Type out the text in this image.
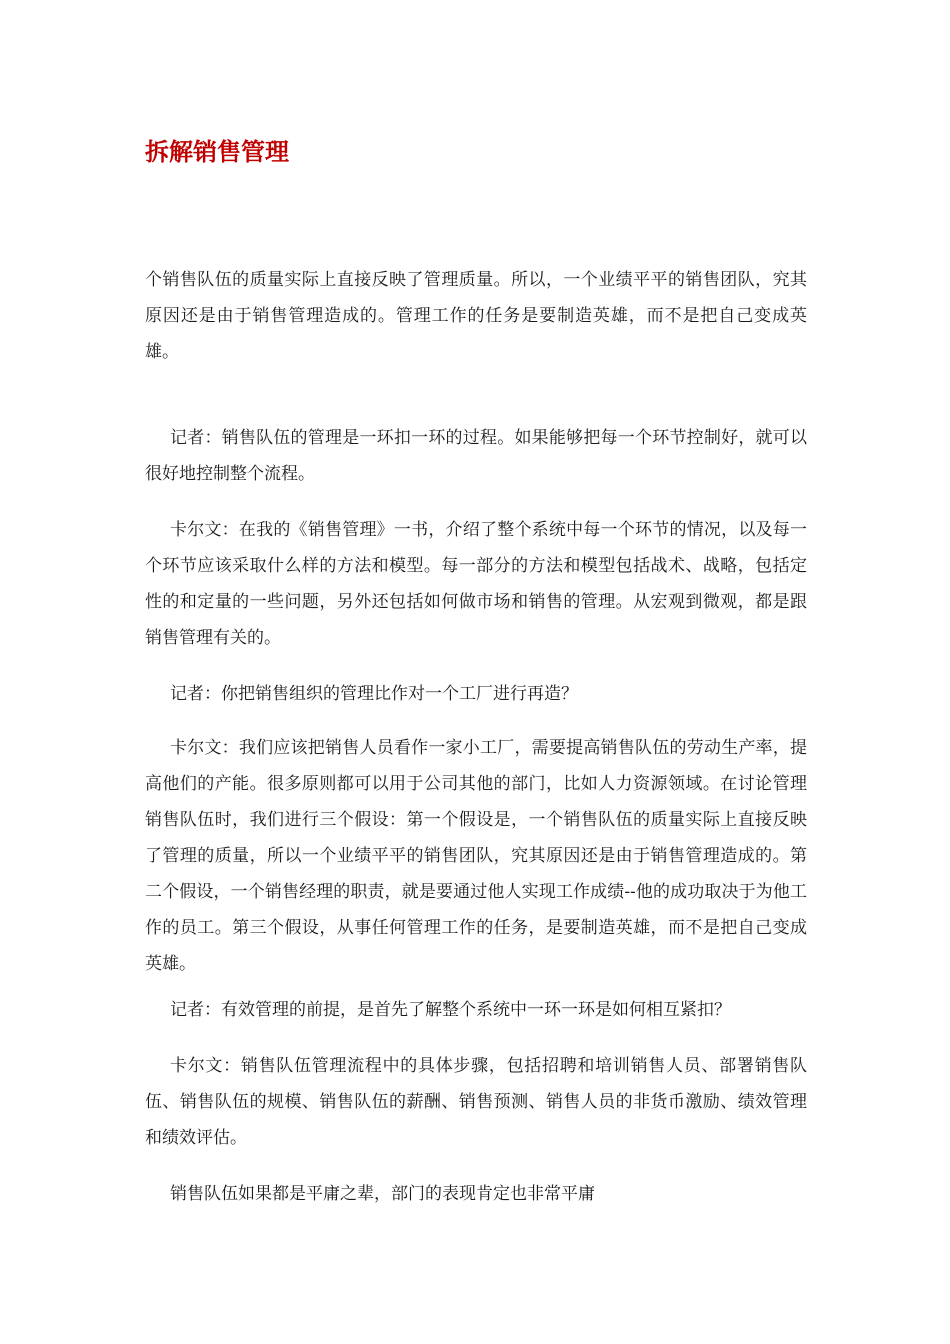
拆解销售管理

个销售队伍的质量实际上直接反映了管理质量。所以，一个业绩平平的销售团队，究其原因还是由于销售管理造成的。管理工作的任务是要制造英雄，而不是把自己变成英雄。

记者：销售队伍的管理是一环扣一环的过程。如果能够把每一个环节控制好，就可以很好地控制整个流程。

卡尔文：在我的《销售管理》一书，介绍了整个系统中每一个环节的情况，以及每一个环节应该采取什么样的方法和模型。每一部分的方法和模型包括战术、战略，包括定性的和定量的一些问题，另外还包括如何做市场和销售的管理。从宏观到微观，都是跟销售管理有关的。

记者：你把销售组织的管理比作对一个工厂进行再造？

卡尔文：我们应该把销售人员看作一家小工厂，需要提高销售队伍的劳动生产率，提高他们的产能。很多原则都可以用于公司其他的部门，比如人力资源领域。在讨论管理销售队伍时，我们进行三个假设：第一个假设是，一个销售队伍的质量实际上直接反映了管理的质量，所以一个业绩平平的销售团队，究其原因还是由于销售管理造成的。第二个假设，一个销售经理的职责，就是要通过他人实现工作成绩--他的成功取决于为他工作的员工。第三个假设，从事任何管理工作的任务，是要制造英雄，而不是把自己变成英雄。

记者：有效管理的前提，是首先了解整个系统中一环一环是如何相互紧扣？

卡尔文：销售队伍管理流程中的具体步骤，包括招聘和培训销售人员、部署销售队伍、销售队伍的规模、销售队伍的薪酬、销售预测、销售人员的非货币激励、绩效管理和绩效评估。

销售队伍如果都是平庸之辈，部门的表现肯定也非常平庸
